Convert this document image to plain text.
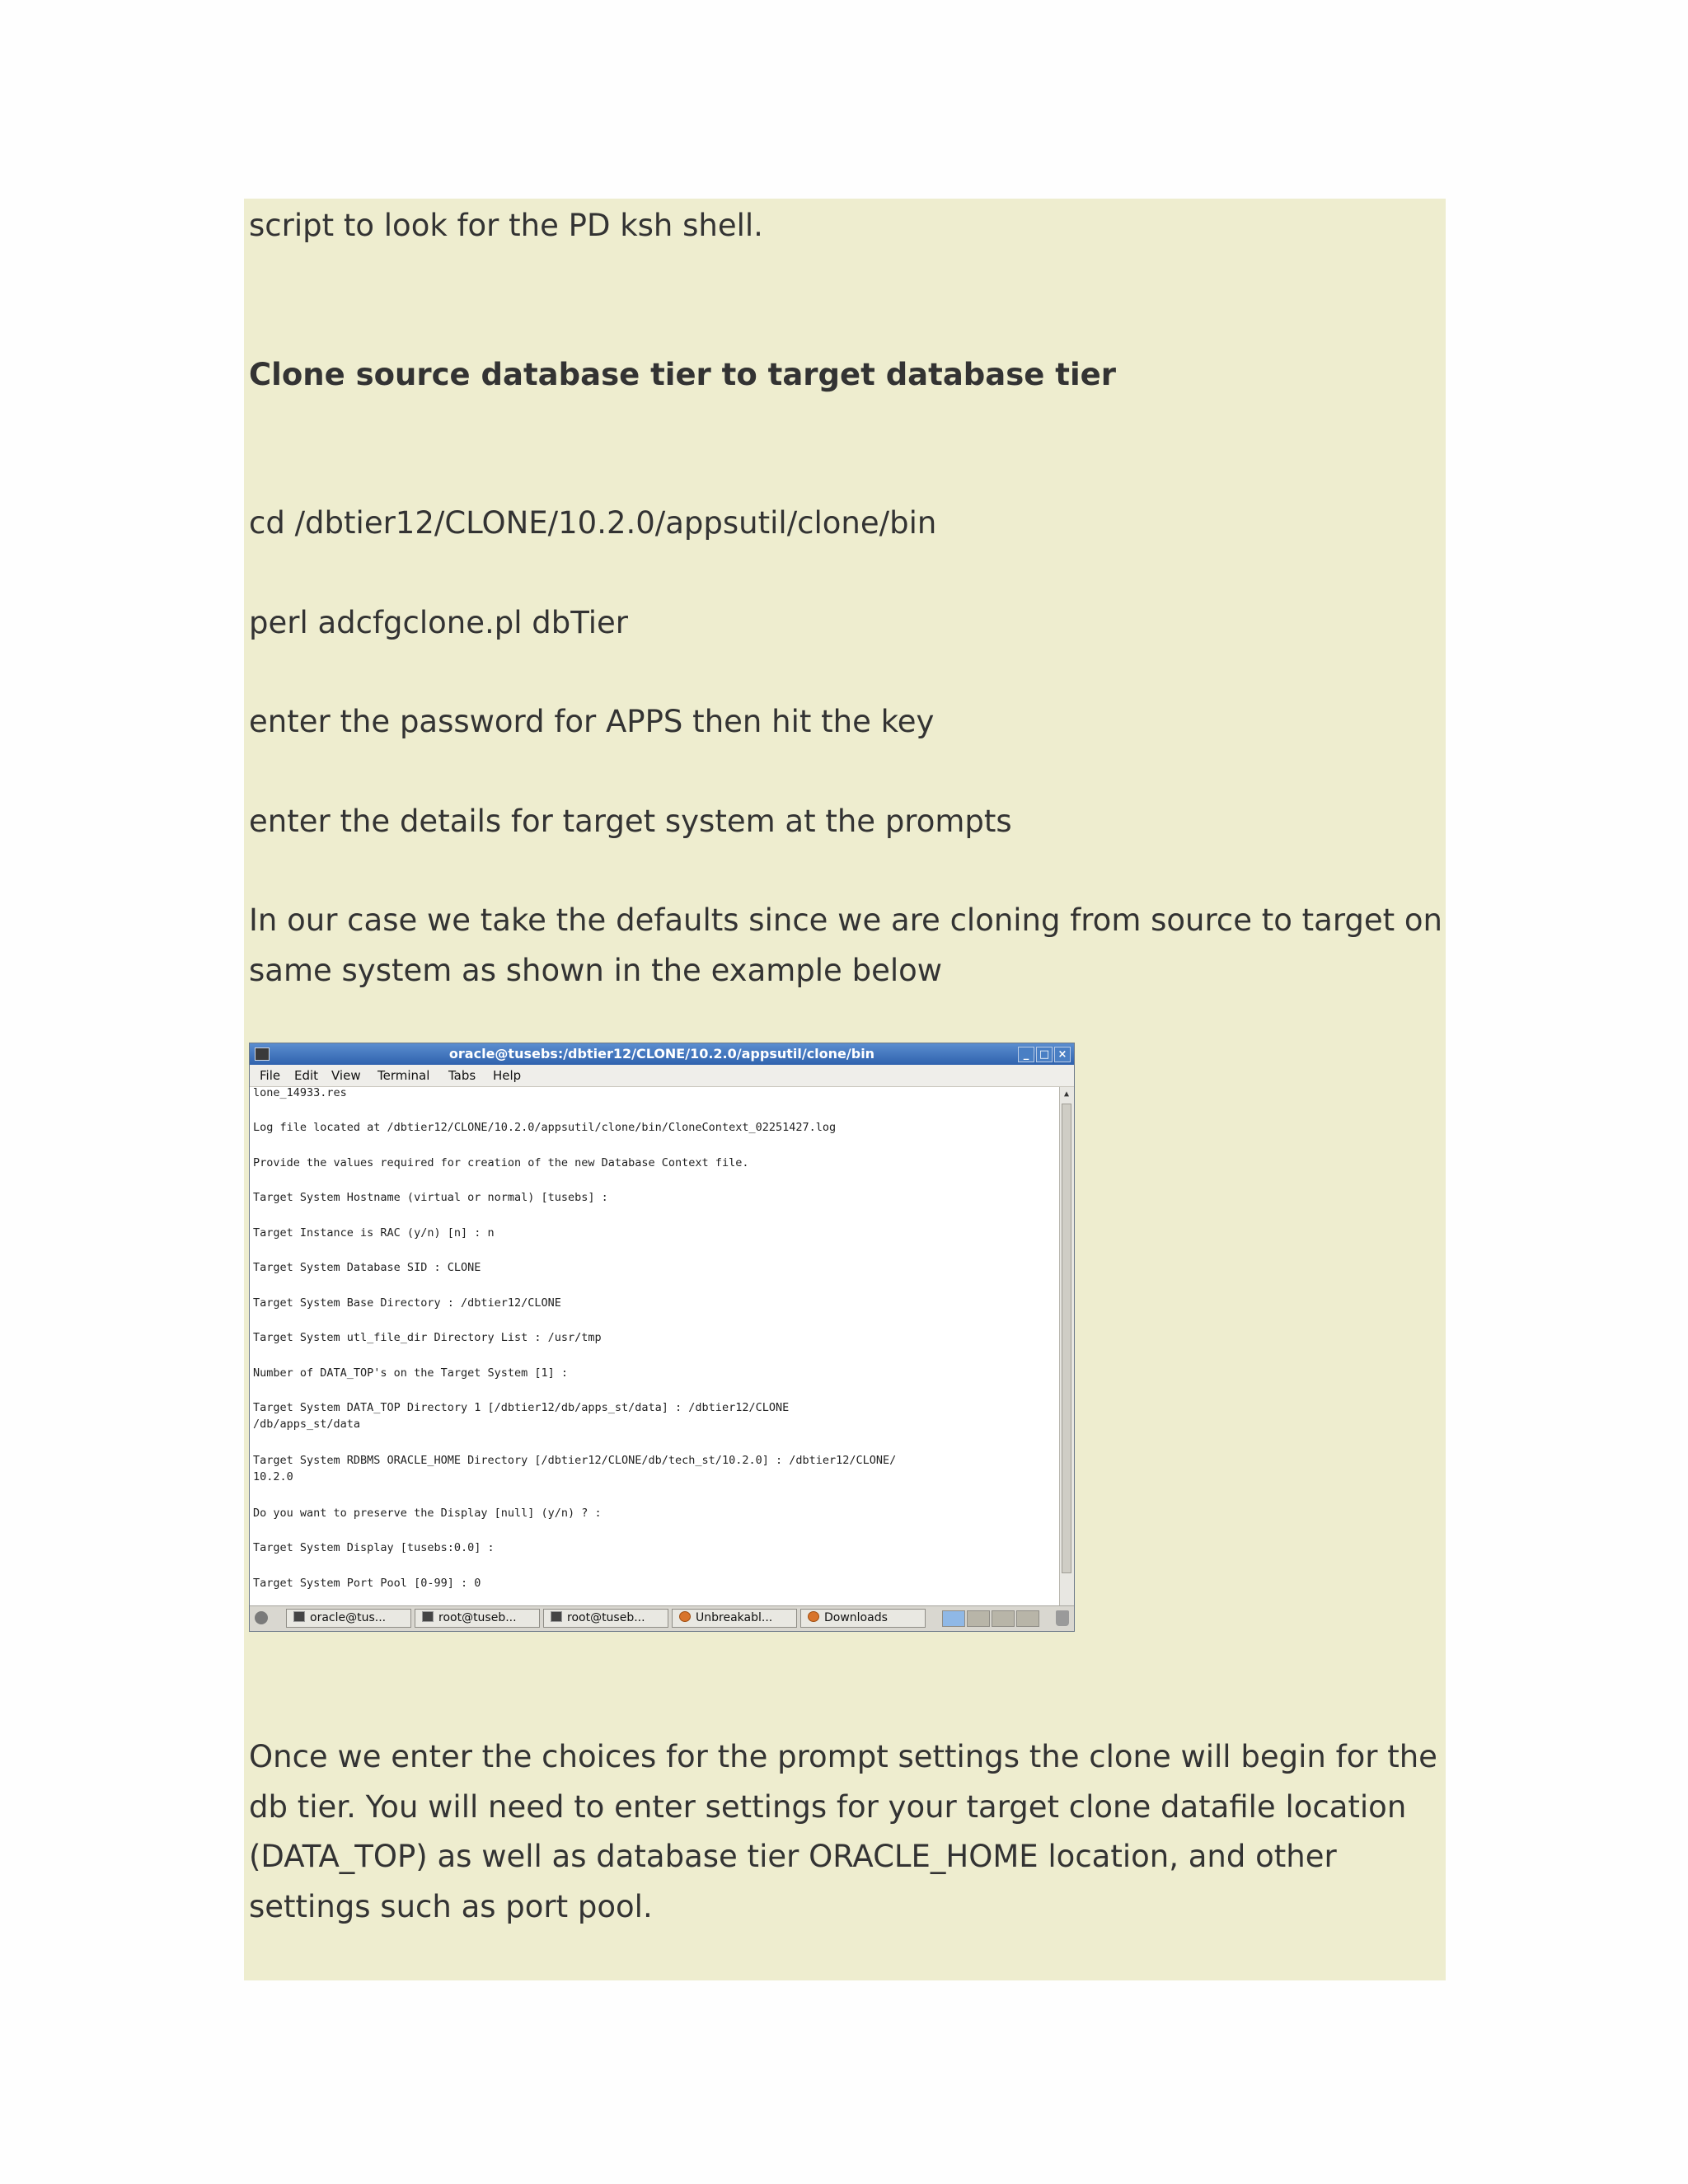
script to look for the PD ksh shell.
Clone source database tier to target database tier
cd /dbtier12/CLONE/10.2.0/appsutil/clone/bin
perl adcfgclone.pl dbTier
enter the password for APPS then hit the key
enter the details for target system at the prompts
In our case we take the defaults since we are cloning from source to target on same system as shown in the example below
oracle@tusebs:/dbtier12/CLONE/10.2.0/appsutil/clone/bin	_ □ ×
File Edit View Terminal Tabs Help
lone_14933.res
Log file located at /dbtier12/CLONE/10.2.0/appsutil/clone/bin/CloneContext_02251427.log
Provide the values required for creation of the new Database Context file.
Target System Hostname (virtual or normal) [tusebs] :
Target Instance is RAC (y/n) [n] : n
Target System Database SID : CLONE
Target System Base Directory : /dbtier12/CLONE
Target System utl_file_dir Directory List : /usr/tmp
Number of DATA_TOP's on the Target System [1] :
Target System DATA_TOP Directory 1 [/dbtier12/db/apps_st/data] : /dbtier12/CLONE
/db/apps_st/data
Target System RDBMS ORACLE_HOME Directory [/dbtier12/CLONE/db/tech_st/10.2.0] : /dbtier12/CLONE/
10.2.0
Do you want to preserve the Display [null] (y/n) ? :
Target System Display [tusebs:0.0] :
Target System Port Pool [0-99] : 0
▲
oracle@tus...	root@tuseb...	root@tuseb...	Unbreakabl...	Downloads
Once we enter the choices for the prompt settings the clone will begin for the db tier. You will need to enter settings for your target clone datafile location (DATA_TOP) as well as database tier ORACLE_HOME location, and other settings such as port pool.
